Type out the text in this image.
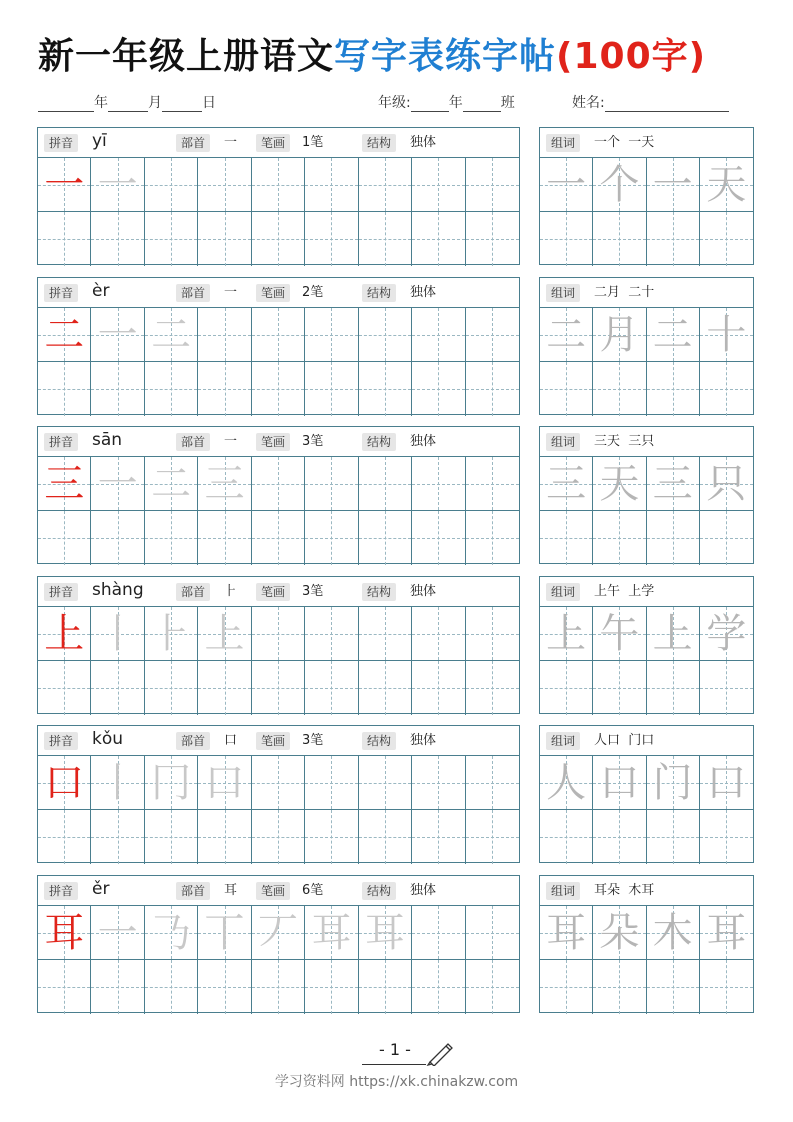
新一年级上册语文写字表练字帖(100字)
年	月	日	年级:	年	班	姓名:
拼音 yī	部首	一	笔画	1笔	结构	独体
一 一
组词	一个  一天
一 个 一 天
拼音 èr	部首	一	笔画	2笔	结构	独体
二 一 二
组词	二月  二十
二 月 二 十
拼音 sān	部首	一	笔画	3笔	结构	独体
三 一 二 三
组词	三天  三只
三 天 三 只
拼音 shàng	部首	⺊	笔画	3笔	结构	独体
上 丨 ⺊ 上
组词	上午  上学
上 午 上 学
拼音 kǒu	部首	口	笔画	3笔	结构	独体
口 丨 冂 口
组词	人口  门口
人 口 门 口
拼音 ěr	部首	耳	笔画	6笔	结构	独体
耳 一 𠄎 丅 丆 耳 耳
组词	耳朵  木耳
耳 朵 木 耳
- 1 -
学习资料网 https://xk.chinakzw.com
